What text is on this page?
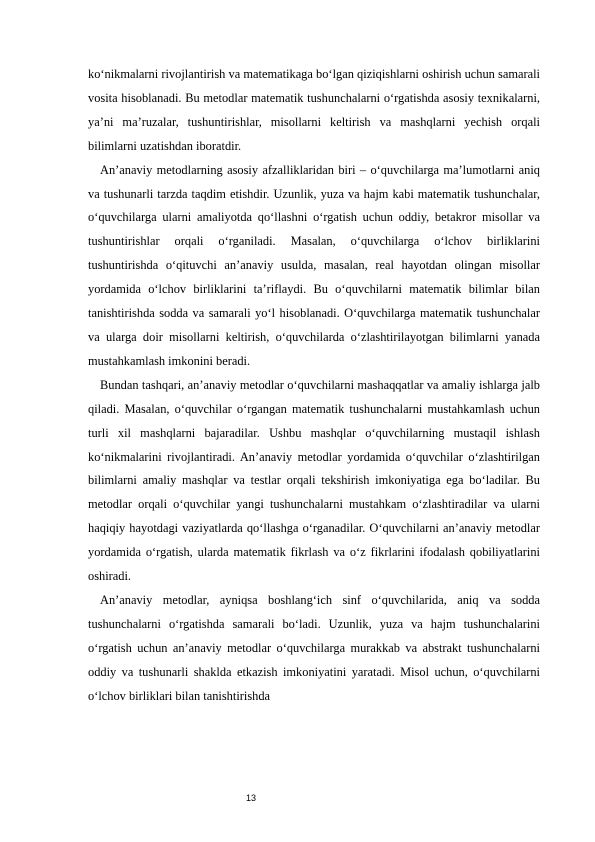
ko‘nikmalarni rivojlantirish va matematikaga bo‘lgan qiziqishlarni oshirish uchun samarali vosita hisoblanadi. Bu metodlar matematik tushunchalarni o‘rgatishda asosiy texnikalarni, ya’ni ma’ruzalar, tushuntirishlar, misollarni keltirish va mashqlarni yechish orqali bilimlarni uzatishdan iboratdir.

An’anaviy metodlarning asosiy afzalliklaridan biri – o‘quvchilarga ma’lumotlarni aniq va tushunarli tarzda taqdim etishdir. Uzunlik, yuza va hajm kabi matematik tushunchalar, o‘quvchilarga ularni amaliyotda qo‘llashni o‘rgatish uchun oddiy, betakror misollar va tushuntirishlar orqali o‘rganiladi. Masalan, o‘quvchilarga o‘lchov birliklarini tushuntirishda o‘qituvchi an’anaviy usulda, masalan, real hayotdan olingan misollar yordamida o‘lchov birliklarini ta’riflaydi. Bu o‘quvchilarni matematik bilimlar bilan tanishtirishda sodda va samarali yo‘l hisoblanadi. O‘quvchilarga matematik tushunchalar va ularga doir misollarni keltirish, o‘quvchilarda o‘zlashtirilayotgan bilimlarni yanada mustahkamlash imkonini beradi.

Bundan tashqari, an’anaviy metodlar o‘quvchilarni mashaqqatlar va amaliy ishlarga jalb qiladi. Masalan, o‘quvchilar o‘rgangan matematik tushunchalarni mustahkamlash uchun turli xil mashqlarni bajaradilar. Ushbu mashqlar o‘quvchilarning mustaqil ishlash ko‘nikmalarini rivojlantiradi. An’anaviy metodlar yordamida o‘quvchilar o‘zlashtirilgan bilimlarni amaliy mashqlar va testlar orqali tekshirish imkoniyatiga ega bo‘ladilar. Bu metodlar orqali o‘quvchilar yangi tushunchalarni mustahkam o‘zlashtiradilar va ularni haqiqiy hayotdagi vaziyatlarda qo‘llashga o‘rganadilar. O‘quvchilarni an’anaviy metodlar yordamida o‘rgatish, ularda matematik fikrlash va o‘z fikrlarini ifodalash qobiliyatlarini oshiradi.

An’anaviy metodlar, ayniqsa boshlang‘ich sinf o‘quvchilarida, aniq va sodda tushunchalarni o‘rgatishda samarali bo‘ladi. Uzunlik, yuza va hajm tushunchalarini o‘rgatish uchun an’anaviy metodlar o‘quvchilarga murakkab va abstrakt tushunchalarni oddiy va tushunarli shaklda etkazish imkoniyatini yaratadi. Misol uchun, o‘quvchilarni o‘lchov birliklari bilan tanishtirishda

13
